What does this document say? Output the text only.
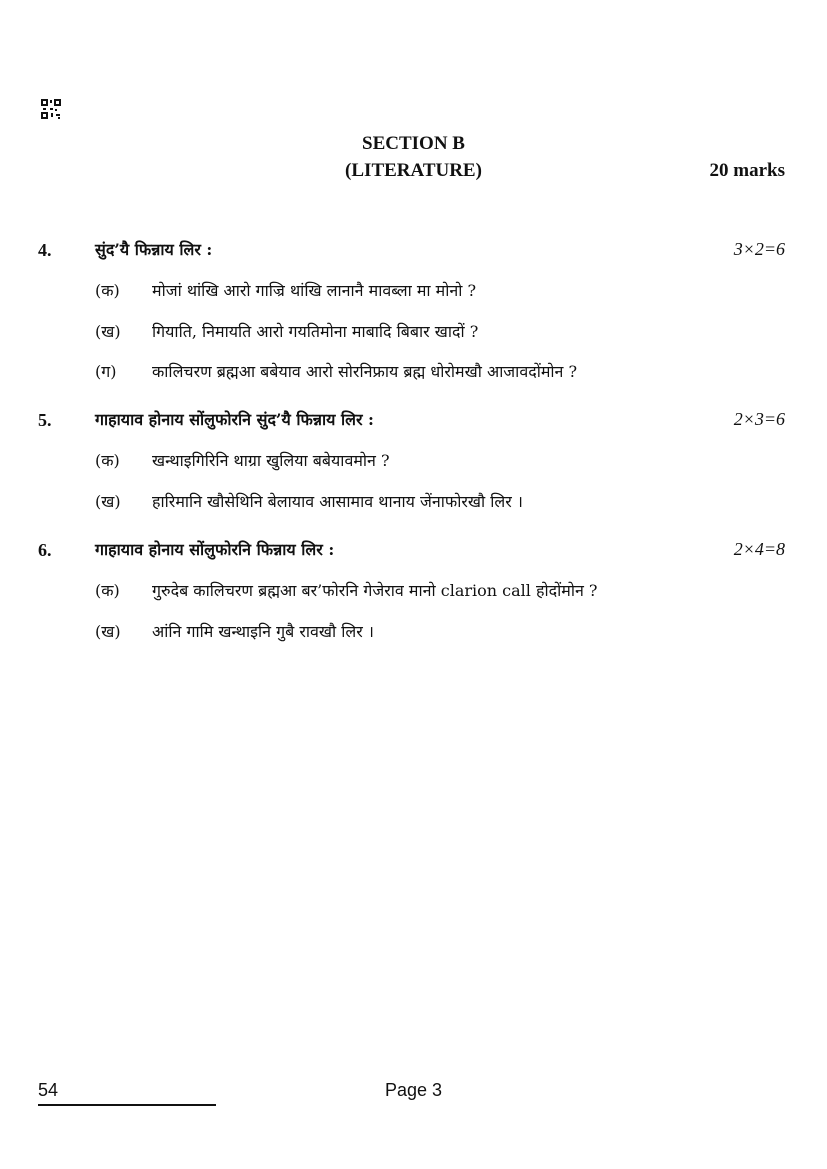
SECTION B
(LITERATURE)	20 marks
4.	सुंद’यै फिन्नाय लिर :	3×2=6
(क) मोजां थांखि आरो गाज्रि थांखि लानानै मावब्ला मा मोनो ?
(ख) गियाति, निमायति आरो गयतिमोना माबादि बिबार खादों ?
(ग) कालिचरण ब्रह्मआ बबेयाव आरो सोरनिफ्राय ब्रह्म धोरोमखौ आजावदोंमोन ?
5.	गाहायाव होनाय सोंलुफोरनि सुंद’यै फिन्नाय लिर :	2×3=6
(क) खन्थाइगिरिनि थाग्रा खुलिया बबेयावमोन ?
(ख) हारिमानि खौसेथिनि बेलायाव आसामाव थानाय जेंनाफोरखौ लिर ।
6.	गाहायाव होनाय सोंलुफोरनि फिन्नाय लिर :	2×4=8
(क) गुरुदेब कालिचरण ब्रह्मआ बर’फोरनि गेजेराव मानो clarion call होदोंमोन ?
(ख) आंनि गामि खन्थाइनि गुबै रावखौ लिर ।
54	Page 3
